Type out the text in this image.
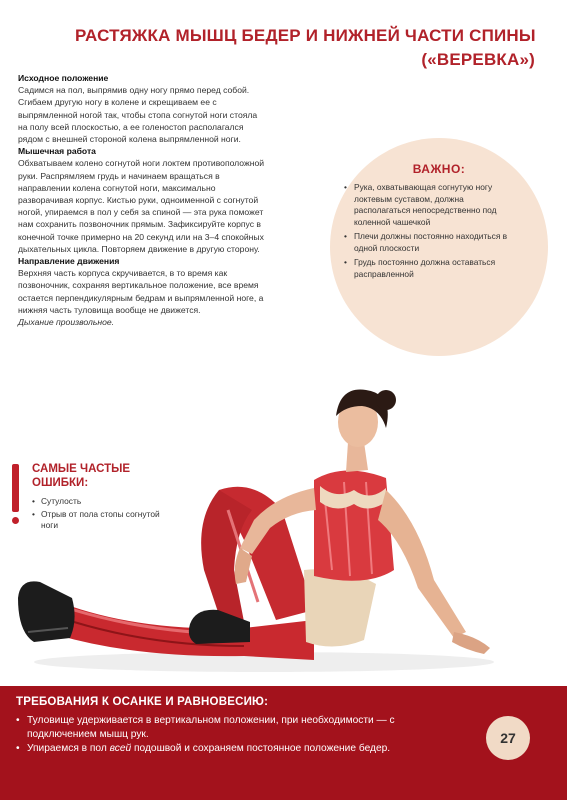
РАСТЯЖКА МЫШЦ БЕДЕР И НИЖНЕЙ ЧАСТИ СПИНЫ
(«ВЕРЕВКА»)

Исходное положение

Садимся на пол, выпрямив одну ногу прямо перед собой. Сгибаем другую ногу в колене и скрещиваем ее с выпрямленной ногой так, чтобы стопа согнутой ноги стояла на полу всей плоскостью, а ее голеностоп располагался рядом с внешней стороной колена выпрямленной ноги.

Мышечная работа

Обхватываем колено согнутой ноги локтем противоположной руки. Распрямляем грудь и начинаем вращаться в направлении колена согнутой ноги, максимально разворачивая корпус. Кистью руки, одноименной с согнутой ногой, упираемся в пол у себя за спиной — эта рука поможет нам сохранить позвоночник прямым. Зафиксируйте корпус в конечной точке примерно на 20 секунд или на 3–4 спокойных дыхательных цикла. Повторяем движение в другую сторону.

Направление движения

Верхняя часть корпуса скручивается, в то время как позвоночник, сохраняя вертикальное положение, все время остается перпендикулярным бедрам и выпрямленной ноге, а нижняя часть туловища вообще не движется.

Дыхание произвольное.

ВАЖНО:
• Рука, охватывающая согнутую ногу локтевым суставом, должна располагаться непосредственно под коленной чашечкой
• Плечи должны постоянно находиться в одной плоскости
• Грудь постоянно должна оставаться расправленной
САМЫЕ ЧАСТЫЕ
ОШИБКИ:
• Сутулость
• Отрыв от пола стопы согнутой ноги
ТРЕБОВАНИЯ К ОСАНКЕ И РАВНОВЕСИЮ:
• Туловище удерживается в вертикальном положении, при необходимости — с подключением мышц рук.
• Упираемся в пол всей подошвой и сохраняем постоянное положение бедер.
27
